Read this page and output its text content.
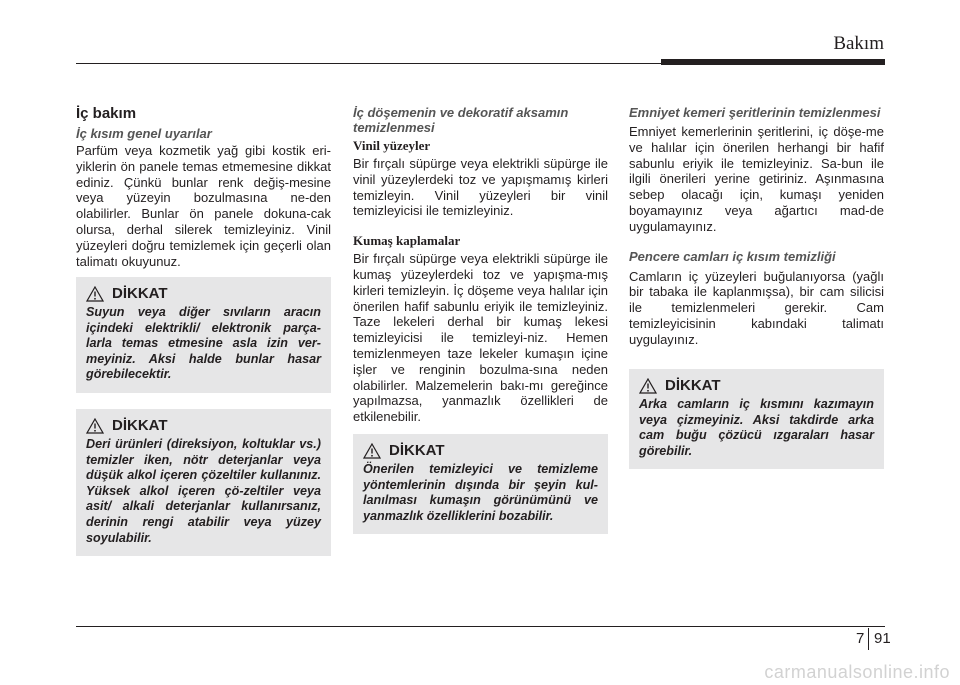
Bakım
İç bakım
İç kısım genel uyarılar

Parfüm veya kozmetik yağ gibi kostik eri-yiklerin ön panele temas etmemesine dikkat ediniz. Çünkü bunlar renk değiş-mesine veya yüzeyin bozulmasına ne-den olabilirler. Bunlar ön panele dokuna-cak olursa, derhal silerek temizleyiniz. Vinil yüzeyleri doğru temizlemek için geçerli olan talimatı okuyunuz.

DİKKAT
Suyun veya diğer sıvıların aracın içindeki elektrikli/ elektronik parça-larla temas etmesine asla izin ver-meyiniz. Aksi halde bunlar hasar görebilecektir.
DİKKAT
Deri ürünleri (direksiyon, koltuklar vs.) temizler iken, nötr deterjanlar veya düşük alkol içeren çözeltiler kullanınız. Yüksek alkol içeren çö-zeltiler veya asit/ alkali deterjanlar kullanırsanız, derinin rengi atabilir veya yüzey soyulabilir.
İç döşemenin ve dekoratif aksamın temizlenmesi
Vinil yüzeyler

Bir fırçalı süpürge veya elektrikli süpürge ile vinil yüzeylerdeki toz ve yapışmamış kirleri temizleyin. Vinil yüzeyleri bir vinil temizleyicisi ile temizleyiniz.

Kumaş kaplamalar

Bir fırçalı süpürge veya elektrikli süpürge ile kumaş yüzeylerdeki toz ve yapışma-mış kirleri temizleyin. İç döşeme veya halılar için önerilen hafif sabunlu eriyik ile temizleyiniz. Taze lekeleri derhal bir kumaş lekesi temizleyicisi ile temizleyi-niz. Hemen temizlenmeyen taze lekeler kumaşın içine işler ve renginin bozulma-sına neden olabilirler. Malzemelerin bakı-mı gereğince yapılmazsa, yanmazlık özellikleri de etkilenebilir.

DİKKAT
Önerilen temizleyici ve temizleme yöntemlerinin dışında bir şeyin kul-lanılması kumaşın görünümünü ve yanmazlık özelliklerini bozabilir.
Emniyet kemeri şeritlerinin temizlenmesi

Emniyet kemerlerinin şeritlerini, iç döşe-me ve halılar için önerilen herhangi bir hafif sabunlu eriyik ile temizleyiniz. Sa-bun ile ilgili önerileri yerine getiriniz. Aşınmasına sebep olacağı için, kumaşı yeniden boyamayınız veya ağartıcı mad-de uygulamayınız.

Pencere camları iç kısım temizliği

Camların iç yüzeyleri buğulanıyorsa (yağlı bir tabaka ile kaplanmışsa), bir cam silicisi ile temizlenmeleri gerekir. Cam temizleyicisinin kabındaki talimatı uygulayınız.

DİKKAT
Arka camların iç kısmını kazımayın veya çizmeyiniz. Aksi takdirde arka cam buğu çözücü ızgaraları hasar görebilir.
7 91
carmanualsonline.info
